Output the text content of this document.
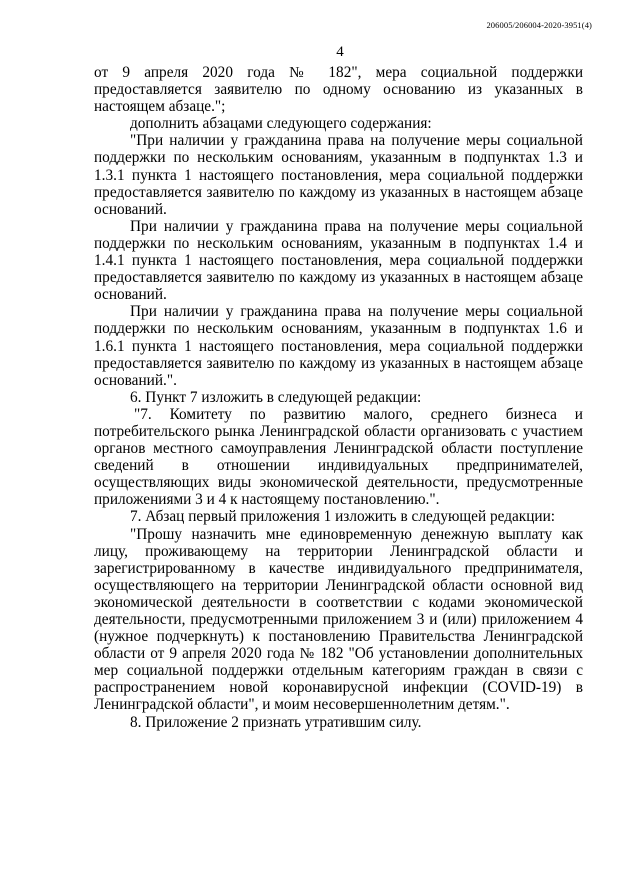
206005/206004-2020-3951(4)
4

от 9 апреля 2020 года № 182", мера социальной поддержки предоставляется заявителю по одному основанию из указанных в настоящем абзаце.";

дополнить абзацами следующего содержания:

"При наличии у гражданина права на получение меры социальной поддержки по нескольким основаниям, указанным в подпунктах 1.3 и 1.3.1 пункта 1 настоящего постановления, мера социальной поддержки предоставляется заявителю по каждому из указанных в настоящем абзаце оснований.

При наличии у гражданина права на получение меры социальной поддержки по нескольким основаниям, указанным в подпунктах 1.4 и 1.4.1 пункта 1 настоящего постановления, мера социальной поддержки предоставляется заявителю по каждому из указанных в настоящем абзаце оснований.

При наличии у гражданина права на получение меры социальной поддержки по нескольким основаниям, указанным в подпунктах 1.6 и 1.6.1 пункта 1 настоящего постановления, мера социальной поддержки предоставляется заявителю по каждому из указанных в настоящем абзаце оснований.".

6. Пункт 7 изложить в следующей редакции:

"7. Комитету по развитию малого, среднего бизнеса и потребительского рынка Ленинградской области организовать с участием органов местного самоуправления Ленинградской области поступление сведений в отношении индивидуальных предпринимателей, осуществляющих виды экономической деятельности, предусмотренные приложениями 3 и 4 к настоящему постановлению.".

7. Абзац первый приложения 1 изложить в следующей редакции:

"Прошу назначить мне единовременную денежную выплату как лицу, проживающему на территории Ленинградской области и зарегистрированному в качестве индивидуального предпринимателя, осуществляющего на территории Ленинградской области основной вид экономической деятельности в соответствии с кодами экономической деятельности, предусмотренными приложением 3 и (или) приложением 4 (нужное подчеркнуть) к постановлению Правительства Ленинградской области от 9 апреля 2020 года № 182 "Об установлении дополнительных мер социальной поддержки отдельным категориям граждан в связи с распространением новой коронавирусной инфекции (COVID-19) в Ленинградской области", и моим несовершеннолетним детям.".

8. Приложение 2 признать утратившим силу.
